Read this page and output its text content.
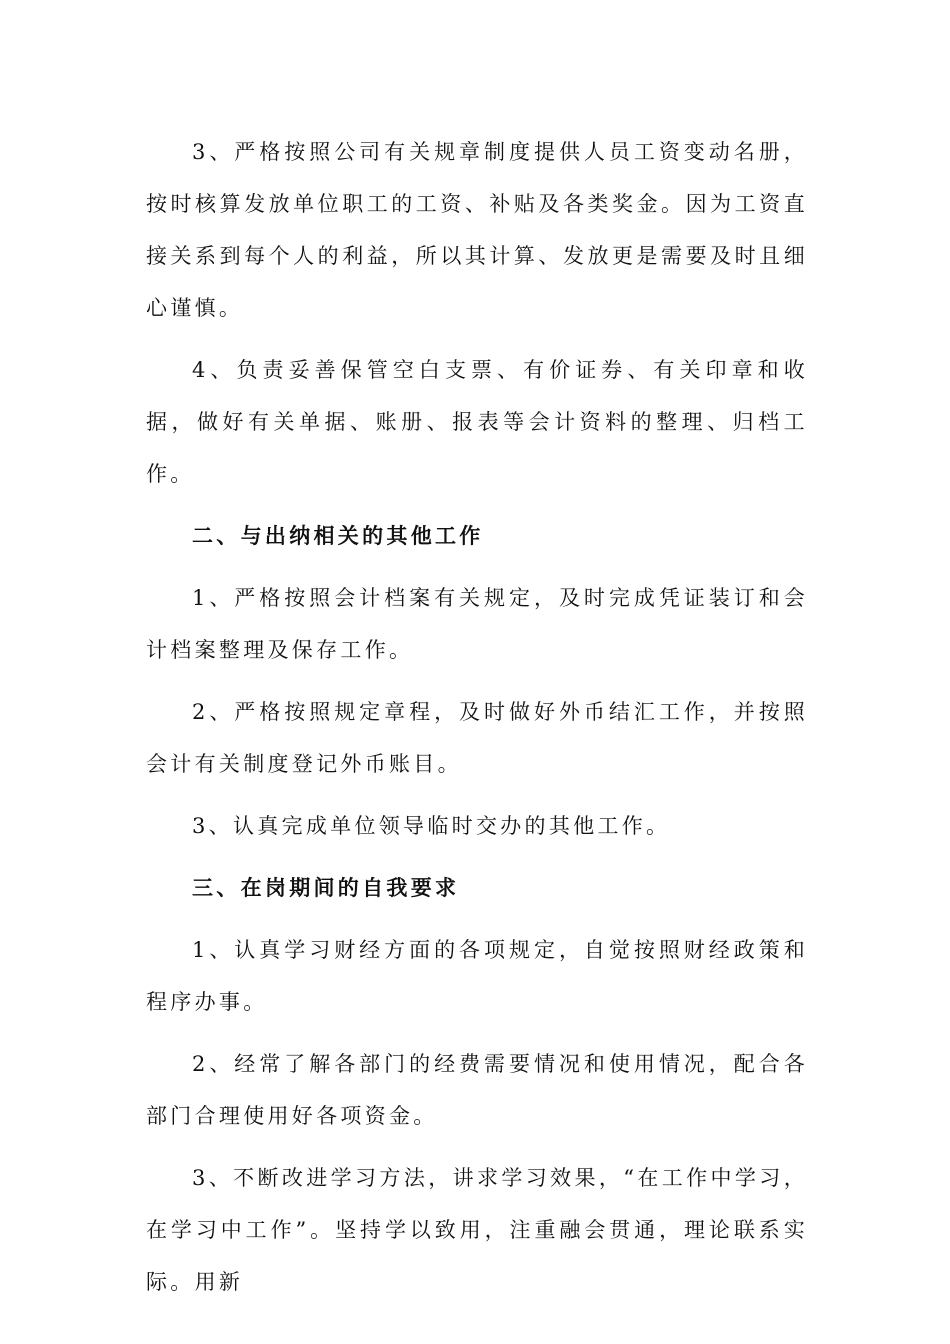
3、严格按照公司有关规章制度提供人员工资变动名册，按时核算发放单位职工的工资、补贴及各类奖金。因为工资直接关系到每个人的利益，所以其计算、发放更是需要及时且细心谨慎。

4、负责妥善保管空白支票、有价证券、有关印章和收据，做好有关单据、账册、报表等会计资料的整理、归档工作。

二、与出纳相关的其他工作

1、严格按照会计档案有关规定，及时完成凭证装订和会计档案整理及保存工作。

2、严格按照规定章程，及时做好外币结汇工作，并按照会计有关制度登记外币账目。

3、认真完成单位领导临时交办的其他工作。

三、在岗期间的自我要求

1、认真学习财经方面的各项规定，自觉按照财经政策和程序办事。

2、经常了解各部门的经费需要情况和使用情况，配合各部门合理使用好各项资金。

3、不断改进学习方法，讲求学习效果，“在工作中学习，在学习中工作”。坚持学以致用，注重融会贯通，理论联系实际。用新
